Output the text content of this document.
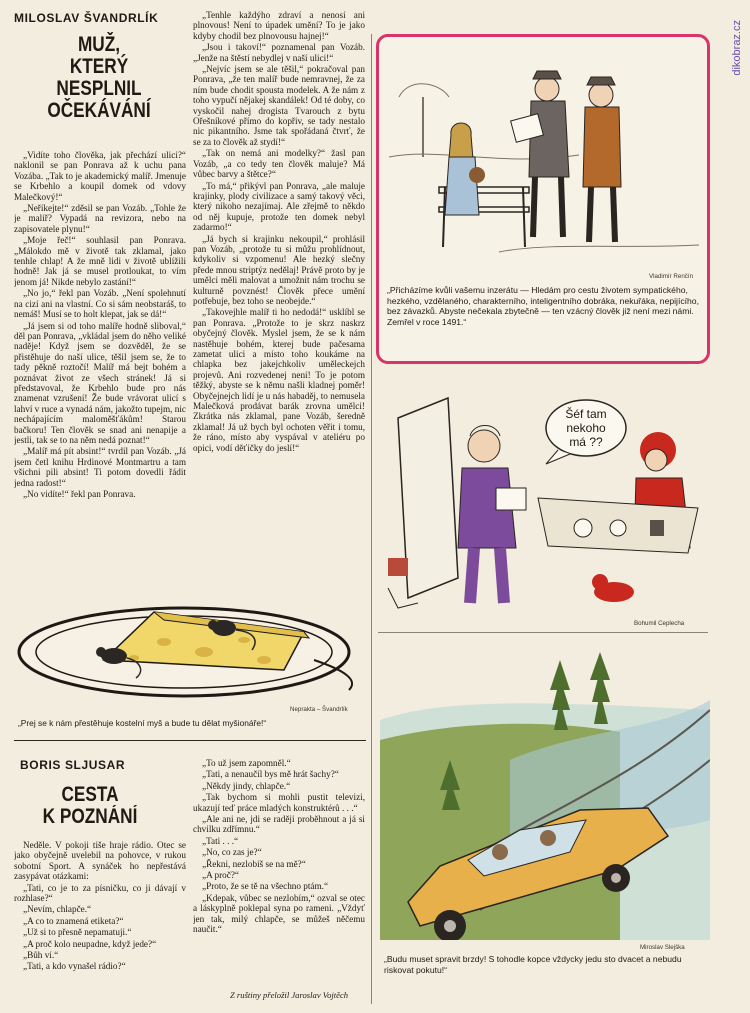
MILOSLAV ŠVANDRLÍK
MUŽ,
KTERÝ
NESPLNIL
OČEKÁVÁNÍ

„Vidíte toho člověka, jak přechází ulici?“ naklonil se pan Ponrava až k uchu pana Vozába. „Tak to je akademický malíř. Jmenuje se Krbehlo a koupil domek od vdovy Malečkový!“

„Neříkejte!“ zděsil se pan Vozáb. „Tohle že je malíř? Vypadá na revizora, nebo na zapisovatele plynu!“

„Moje řeč!“ souhlasil pan Ponrava. „Málokdo mě v životě tak zklamal, jako tenhle chlap! A že mně lidi v životě ublížili hodně! Jak já se musel protloukat, to vím jenom já! Nikde nebylo zastání!“

„No jo,“ řekl pan Vozáb. „Není spolehnutí na cizí ani na vlastní. Co si sám neobstaráš, to nemáš! Musí se to holt klepat, jak se dá!“

„Já jsem si od toho malíře hodně sliboval,“ děl pan Ponrava, „vkládal jsem do něho veliké naděje! Když jsem se dozvěděl, že se přistěhuje do naší ulice, těšil jsem se, že to tady pěkně roztočí! Malíř má bejt bohém a poznávat život ze všech stránek! Já si představoval, že Krbehlo bude pro nás znamenat vzrušení! Že bude vrávorat ulicí s lahví v ruce a vynadá nám, jakožto tupejm, nic nechápajícím maloměšťákům! Starou bačkoru! Ten člověk se snad ani nenapije a jestli, tak se to na něm nedá poznat!“

„Malíř má pít absint!“ tvrdil pan Vozáb. „Já jsem četl knihu Hrdinové Montmartru a tam všichni pili absint! Ti potom dovedli řádit jedna radost!“

„No vidíte!“ řekl pan Ponrava.

„Tenhle každýho zdraví a nenosí ani plnovous! Není to úpadek umění? To je jako kdyby chodil bez plnovousu hajnej!“

„Jsou i takoví!“ poznamenal pan Vozáb. „Jenže na štěstí nebydlej v naší ulici!“

„Nejvíc jsem se ale těšil,“ pokračoval pan Ponrava, „že ten malíř bude nemravnej, že za ním bude chodit spousta modelek. A že nám z toho vypučí nějakej skandálek! Od té doby, co vyskočil nahej drogista Tvarouch z bytu Ořešníkové přímo do kopřiv, se tady nestalo nic pikantního. Jsme tak spořádaná čtvrť, že se za to člověk až stydí!“

„Tak on nemá ani modelky?“ žasl pan Vozáb, „a co tedy ten člověk maluje? Má vůbec barvy a štětce?“

„To má,“ přikývl pan Ponrava, „ale maluje krajinky, plody civilizace a samý takový věci, který nikoho nezajímaj. Ale zřejmě to někdo od něj kupuje, protože ten domek nebyl zadarmo!“

„Já bych si krajinku nekoupil,“ prohlásil pan Vozáb, „protože tu si můžu prohlídnout, kdykoliv si vzpomenu! Ale hezký slečny přede mnou striptýz nedělaj! Právě proto by je umělci měli malovat a umožnit nám trochu se kulturně povznést! Člověk přece umění potřebuje, bez toho se neobejde.“

„Takovejhle malíř ti ho nedodá!“ usklíbl se pan Ponrava. „Protože to je skrz naskrz obyčejný člověk. Myslel jsem, že se k nám nastěhuje bohém, kterej bude pačesama zametat ulici a místo toho koukáme na chlapka bez jakejchkoliv uměleckejch projevů. Ani rozvedenej není! To je potom těžký, abyste se k němu našli kladnej poměr! Obyčejnejch lidí je u nás habaděj, to nemusela Malečková prodávat barák zrovna umělci! Zkrátka nás zklamal, pane Vozáb, šeredně zklamal! Já už bych byl ochoten věřit i tomu, že ráno, místo aby vyspával v ateliéru po opici, vodí děťičky do jeslí!“

Neprakta – Švandrlík
„Prej se k nám přestěhuje kostelní myš a bude tu dělat myšionáře!“
BORIS SLJUSAR
CESTA
K POZNÁNÍ

Neděle. V pokoji tiše hraje rádio. Otec se jako obyčejně uvelebil na pohovce, v rukou sobotní Sport. A synáček ho nepřestává zasypávat otázkami:

„Tati, co je to za písničku, co ji dávají v rozhlase?“

„Nevím, chlapče.“

„A co to znamená etiketa?“

„Už si to přesně nepamatuji.“

„A proč kolo neupadne, když jede?“

„Bůh ví.“

„Tati, a kdo vynašel rádio?“

„To už jsem zapomněl.“

„Tati, a nenaučíl bys mě hrát šachy?“

„Někdy jindy, chlapče.“

„Tak bychom si mohli pustit televizi, ukazují teď práce mladých konstruktérů . . .“

„Ale ani ne, jdi se raději proběhnout a já si chvilku zdřímnu.“

„Tati . . .“

„No, co zas je?“

„Řekni, nezlobíš se na mě?“

„A proč?“

„Proto, že se tě na všechno ptám.“

„Kdepak, vůbec se nezlobím,“ ozval se otec a láskyplně poklepal syna po rameni. „Vždyť jen tak, milý chlapče, se můžeš něčemu naučit.“

Z ruštiny přeložil Jaroslav Vojtěch
Vladimír Renčín
„Přicházíme kvůli vašemu inzerátu — Hledám pro cestu životem sympatického, hezkého, vzdělaného, charakterního, inteligentního dobráka, nekuřáka, nepijícího, bez závazků. Abyste nečekala zbytečně — ten vzácný člověk již není mezi námi. Zemřel v roce 1491.“
dikobraz.cz
Šéf tam
nekoho
má ??
Bohumil Ceplecha
Miroslav Slejška
„Budu muset spravit brzdy! S tohodle kopce vždycky jedu sto dvacet a nebudu riskovat pokutu!“
